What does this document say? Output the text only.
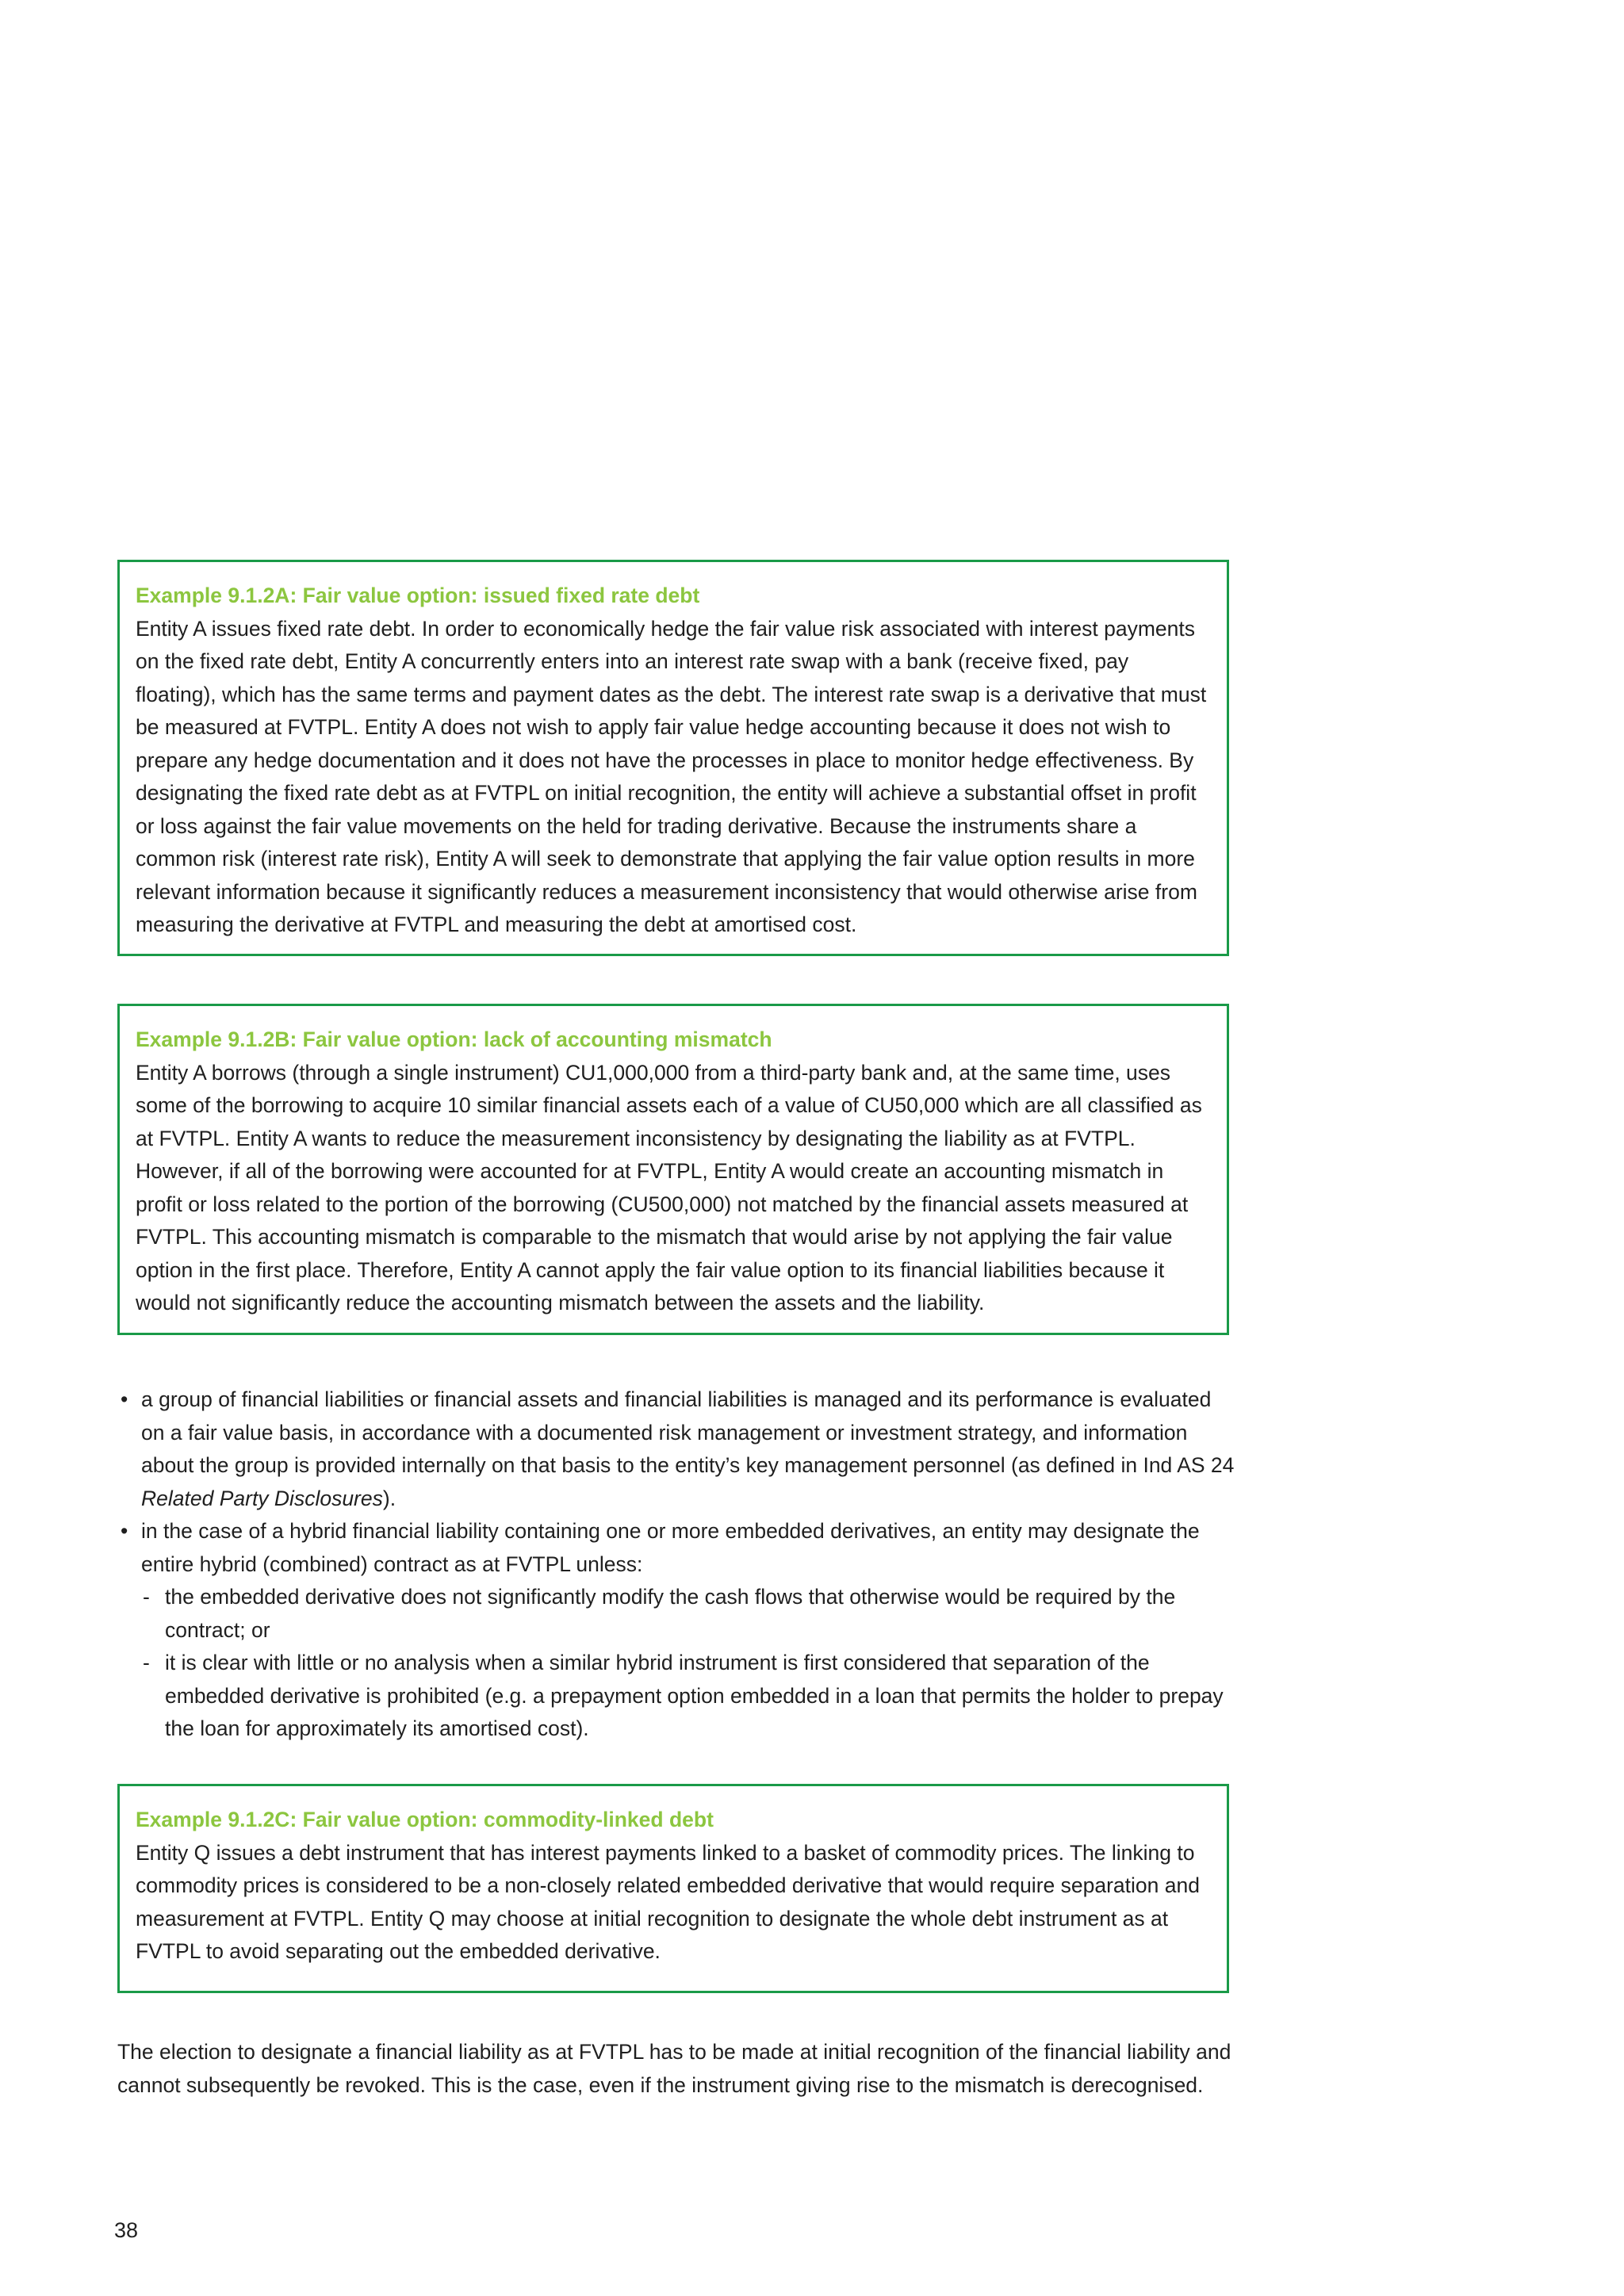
Example 9.1.2A: Fair value option: issued fixed rate debt

Entity A issues fixed rate debt. In order to economically hedge the fair value risk associated with interest payments on the fixed rate debt, Entity A concurrently enters into an interest rate swap with a bank (receive fixed, pay floating), which has the same terms and payment dates as the debt. The interest rate swap is a derivative that must be measured at FVTPL. Entity A does not wish to apply fair value hedge accounting because it does not wish to prepare any hedge documentation and it does not have the processes in place to monitor hedge effectiveness. By designating the fixed rate debt as at FVTPL on initial recognition, the entity will achieve a substantial offset in profit or loss against the fair value movements on the held for trading derivative. Because the instruments share a common risk (interest rate risk), Entity A will seek to demonstrate that applying the fair value option results in more relevant information because it significantly reduces a measurement inconsistency that would otherwise arise from measuring the derivative at FVTPL and measuring the debt at amortised cost.

Example 9.1.2B: Fair value option: lack of accounting mismatch

Entity A borrows (through a single instrument) CU1,000,000 from a third-party bank and, at the same time, uses some of the borrowing to acquire 10 similar financial assets each of a value of CU50,000 which are all classified as at FVTPL. Entity A wants to reduce the measurement inconsistency by designating the liability as at FVTPL. However, if all of the borrowing were accounted for at FVTPL, Entity A would create an accounting mismatch in profit or loss related to the portion of the borrowing (CU500,000) not matched by the financial assets measured at FVTPL. This accounting mismatch is comparable to the mismatch that would arise by not applying the fair value option in the first place. Therefore, Entity A cannot apply the fair value option to its financial liabilities because it would not significantly reduce the accounting mismatch between the assets and the liability.

• a group of financial liabilities or financial assets and financial liabilities is managed and its performance is evaluated on a fair value basis, in accordance with a documented risk management or investment strategy, and information about the group is provided internally on that basis to the entity’s key management personnel (as defined in Ind AS 24 Related Party Disclosures).
• in the case of a hybrid financial liability containing one or more embedded derivatives, an entity may designate the entire hybrid (combined) contract as at FVTPL unless:
- the embedded derivative does not significantly modify the cash flows that otherwise would be required by the contract; or
- it is clear with little or no analysis when a similar hybrid instrument is first considered that separation of the embedded derivative is prohibited (e.g. a prepayment option embedded in a loan that permits the holder to prepay the loan for approximately its amortised cost).

Example 9.1.2C: Fair value option: commodity-linked debt

Entity Q issues a debt instrument that has interest payments linked to a basket of commodity prices. The linking to commodity prices is considered to be a non-closely related embedded derivative that would require separation and measurement at FVTPL. Entity Q may choose at initial recognition to designate the whole debt instrument as at FVTPL to avoid separating out the embedded derivative.

The election to designate a financial liability as at FVTPL has to be made at initial recognition of the financial liability and cannot subsequently be revoked. This is the case, even if the instrument giving rise to the mismatch is derecognised.

38
